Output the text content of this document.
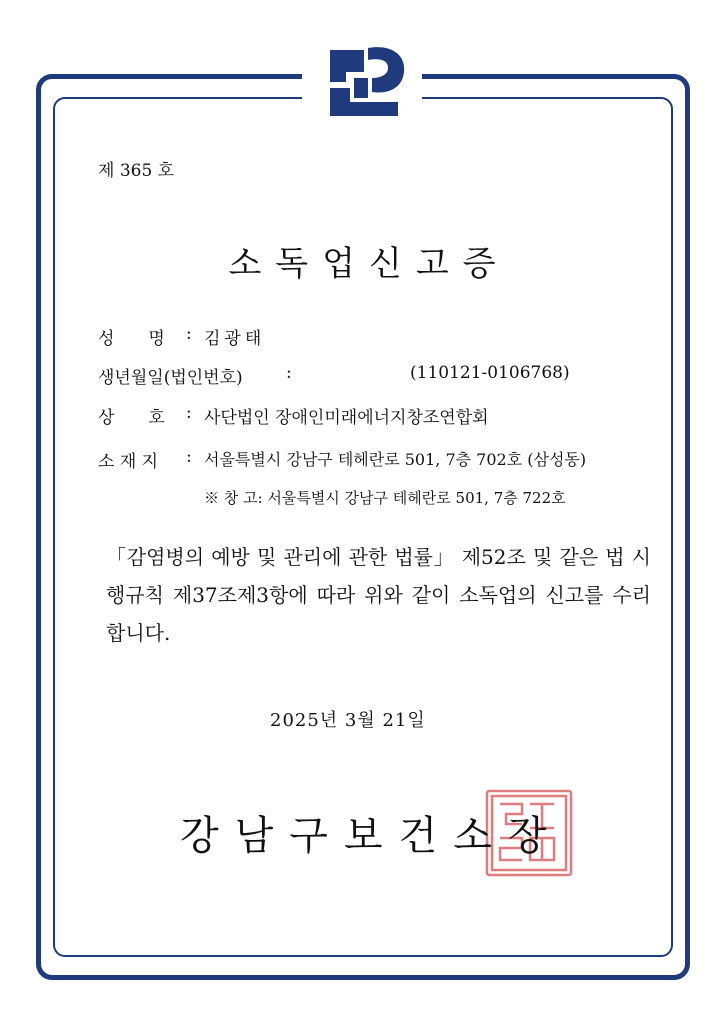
제 365 호
소독업신고증
성　　명 : 김광태
생년월일(법인번호)	:	(110121-0106768)
상　　호 : 사단법인 장애인미래에너지창조연합회
소 재 지 : 서울특별시 강남구 테헤란로 501, 7층 702호 (삼성동)
※ 창 고: 서울특별시 강남구 테헤란로 501, 7층 722호
「감염병의 예방 및 관리에 관한 법률」 제52조 및 같은 법 시행규칙 제37조제3항에 따라 위와 같이 소독업의 신고를 수리합니다.
2025년 3월 21일
강남구보건소장
